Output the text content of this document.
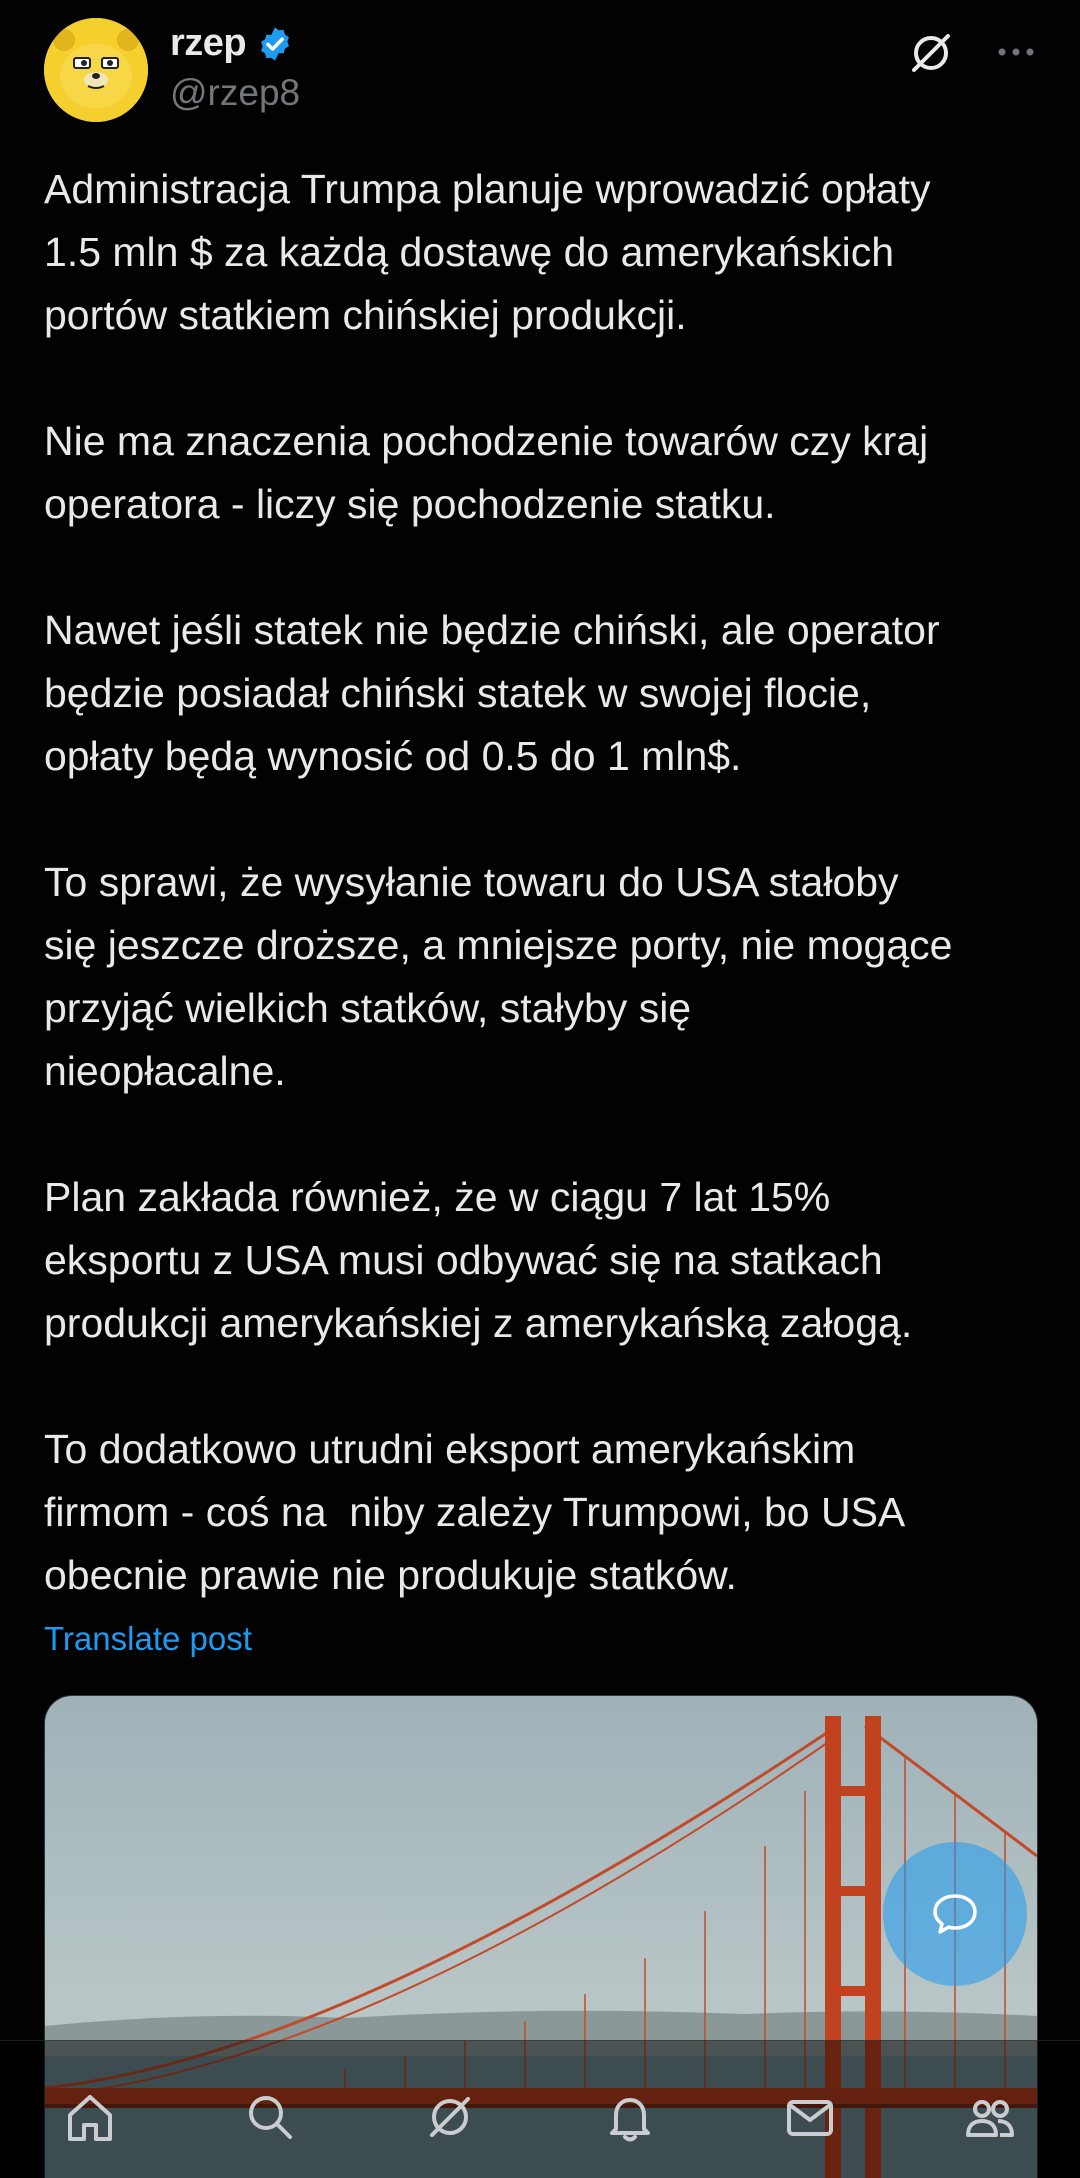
rzep
@rzep8

Administracja Trumpa planuje wprowadzić opłaty
1.5 mln $ za każdą dostawę do amerykańskich
portów statkiem chińskiej produkcji.

Nie ma znaczenia pochodzenie towarów czy kraj
operatora - liczy się pochodzenie statku.

Nawet jeśli statek nie będzie chiński, ale operator
będzie posiadał chiński statek w swojej flocie,
opłaty będą wynosić od 0.5 do 1 mln$.

To sprawi, że wysyłanie towaru do USA stałoby
się jeszcze droższe, a mniejsze porty, nie mogące
przyjąć wielkich statków, stałyby się
nieopłacalne.

Plan zakłada również, że w ciągu 7 lat 15%
eksportu z USA musi odbywać się na statkach
produkcji amerykańskiej z amerykańską załogą.

To dodatkowo utrudni eksport amerykańskim
firmom - coś na  niby zależy Trumpowi, bo USA
obecnie prawie nie produkuje statków.

Translate post
